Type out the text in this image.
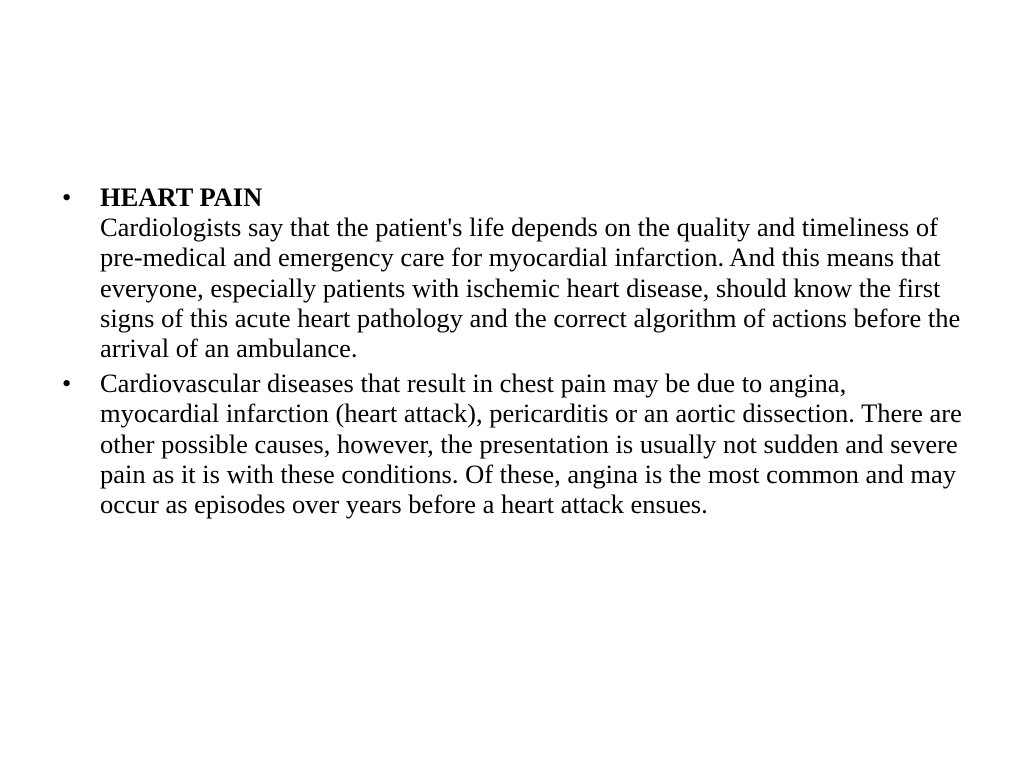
•	HEART PAIN
Cardiologists say that the patient's life depends on the quality and timeliness of pre-medical and emergency care for myocardial infarction. And this means that everyone, especially patients with ischemic heart disease, should know the first signs of this acute heart pathology and the correct algorithm of actions before the arrival of an ambulance.
•	Cardiovascular diseases that result in chest pain may be due to angina, myocardial infarction (heart attack), pericarditis or an aortic dissection. There are other possible causes, however, the presentation is usually not sudden and severe pain as it is with these conditions. Of these, angina is the most common and may occur as episodes over years before a heart attack ensues.
